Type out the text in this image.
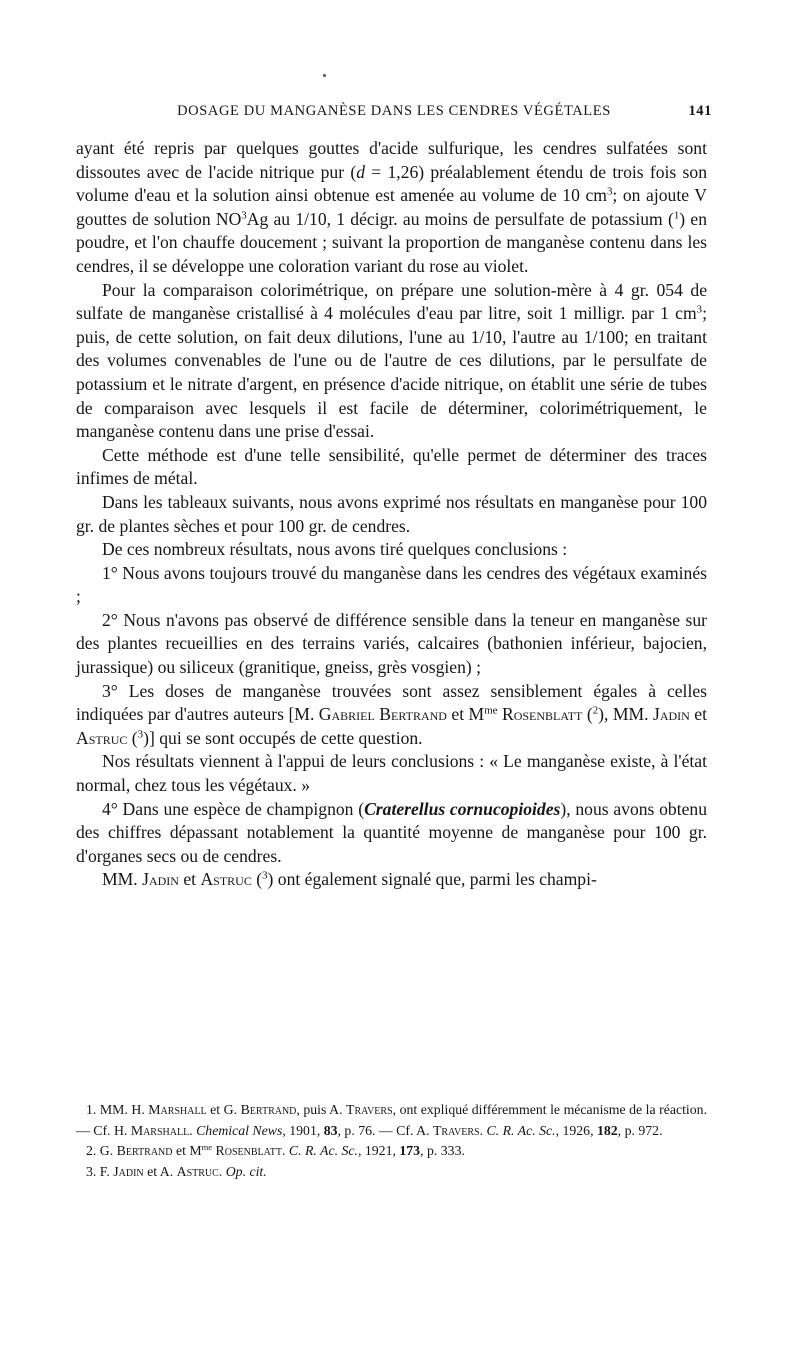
DOSAGE DU MANGANÈSE DANS LES CENDRES VÉGÉTALES	141

ayant été repris par quelques gouttes d'acide sulfurique, les cendres sulfatées sont dissoutes avec de l'acide nitrique pur (d = 1,26) préalablement étendu de trois fois son volume d'eau et la solution ainsi obtenue est amenée au volume de 10 $cm^3$; on ajoute V gouttes de solution $NO^3Ag$ au 1/10, 1 décigr. au moins de persulfate de potassium ($^1$) en poudre, et l'on chauffe doucement ; suivant la proportion de manganèse contenu dans les cendres, il se développe une coloration variant du rose au violet.

Pour la comparaison colorimétrique, on prépare une solution-mère à 4 gr. 054 de sulfate de manganèse cristallisé à 4 molécules d'eau par litre, soit 1 milligr. par 1 $cm^3$; puis, de cette solution, on fait deux dilutions, l'une au 1/10, l'autre au 1/100; en traitant des volumes convenables de l'une ou de l'autre de ces dilutions, par le persulfate de potassium et le nitrate d'argent, en présence d'acide nitrique, on établit une série de tubes de comparaison avec lesquels il est facile de déterminer, colorimétriquement, le manganèse contenu dans une prise d'essai.

Cette méthode est d'une telle sensibilité, qu'elle permet de déterminer des traces infimes de métal.

Dans les tableaux suivants, nous avons exprimé nos résultats en manganèse pour 100 gr. de plantes sèches et pour 100 gr. de cendres.

De ces nombreux résultats, nous avons tiré quelques conclusions :

1° Nous avons toujours trouvé du manganèse dans les cendres des végétaux examinés ;

2° Nous n'avons pas observé de différence sensible dans la teneur en manganèse sur des plantes recueillies en des terrains variés, calcaires (bathonien inférieur, bajocien, jurassique) ou siliceux (granitique, gneiss, grès vosgien) ;

3° Les doses de manganèse trouvées sont assez sensiblement égales à celles indiquées par d'autres auteurs [M. Gabriel Bertrand et $M^{me}$ Rosenblatt ($^2$), MM. Jadin et Astruc ($^3$)] qui se sont occupés de cette question.

Nos résultats viennent à l'appui de leurs conclusions : « Le manganèse existe, à l'état normal, chez tous les végétaux. »

4° Dans une espèce de champignon (Craterellus cornucopioides), nous avons obtenu des chiffres dépassant notablement la quantité moyenne de manganèse pour 100 gr. d'organes secs ou de cendres.

MM. Jadin et Astruc ($^3$) ont également signalé que, parmi les champi-

1. MM. H. Marshall et G. Bertrand, puis A. Travers, ont expliqué différemment le mécanisme de la réaction. — Cf. H. Marshall. Chemical News, 1901, 83, p. 76. — Cf. A. Travers. C. R. Ac. Sc., 1926, 182, p. 972.

2. G. Bertrand et $M^{me}$ Rosenblatt. C. R. Ac. Sc., 1921, 173, p. 333.

3. F. Jadin et A. Astruc. Op. cit.
